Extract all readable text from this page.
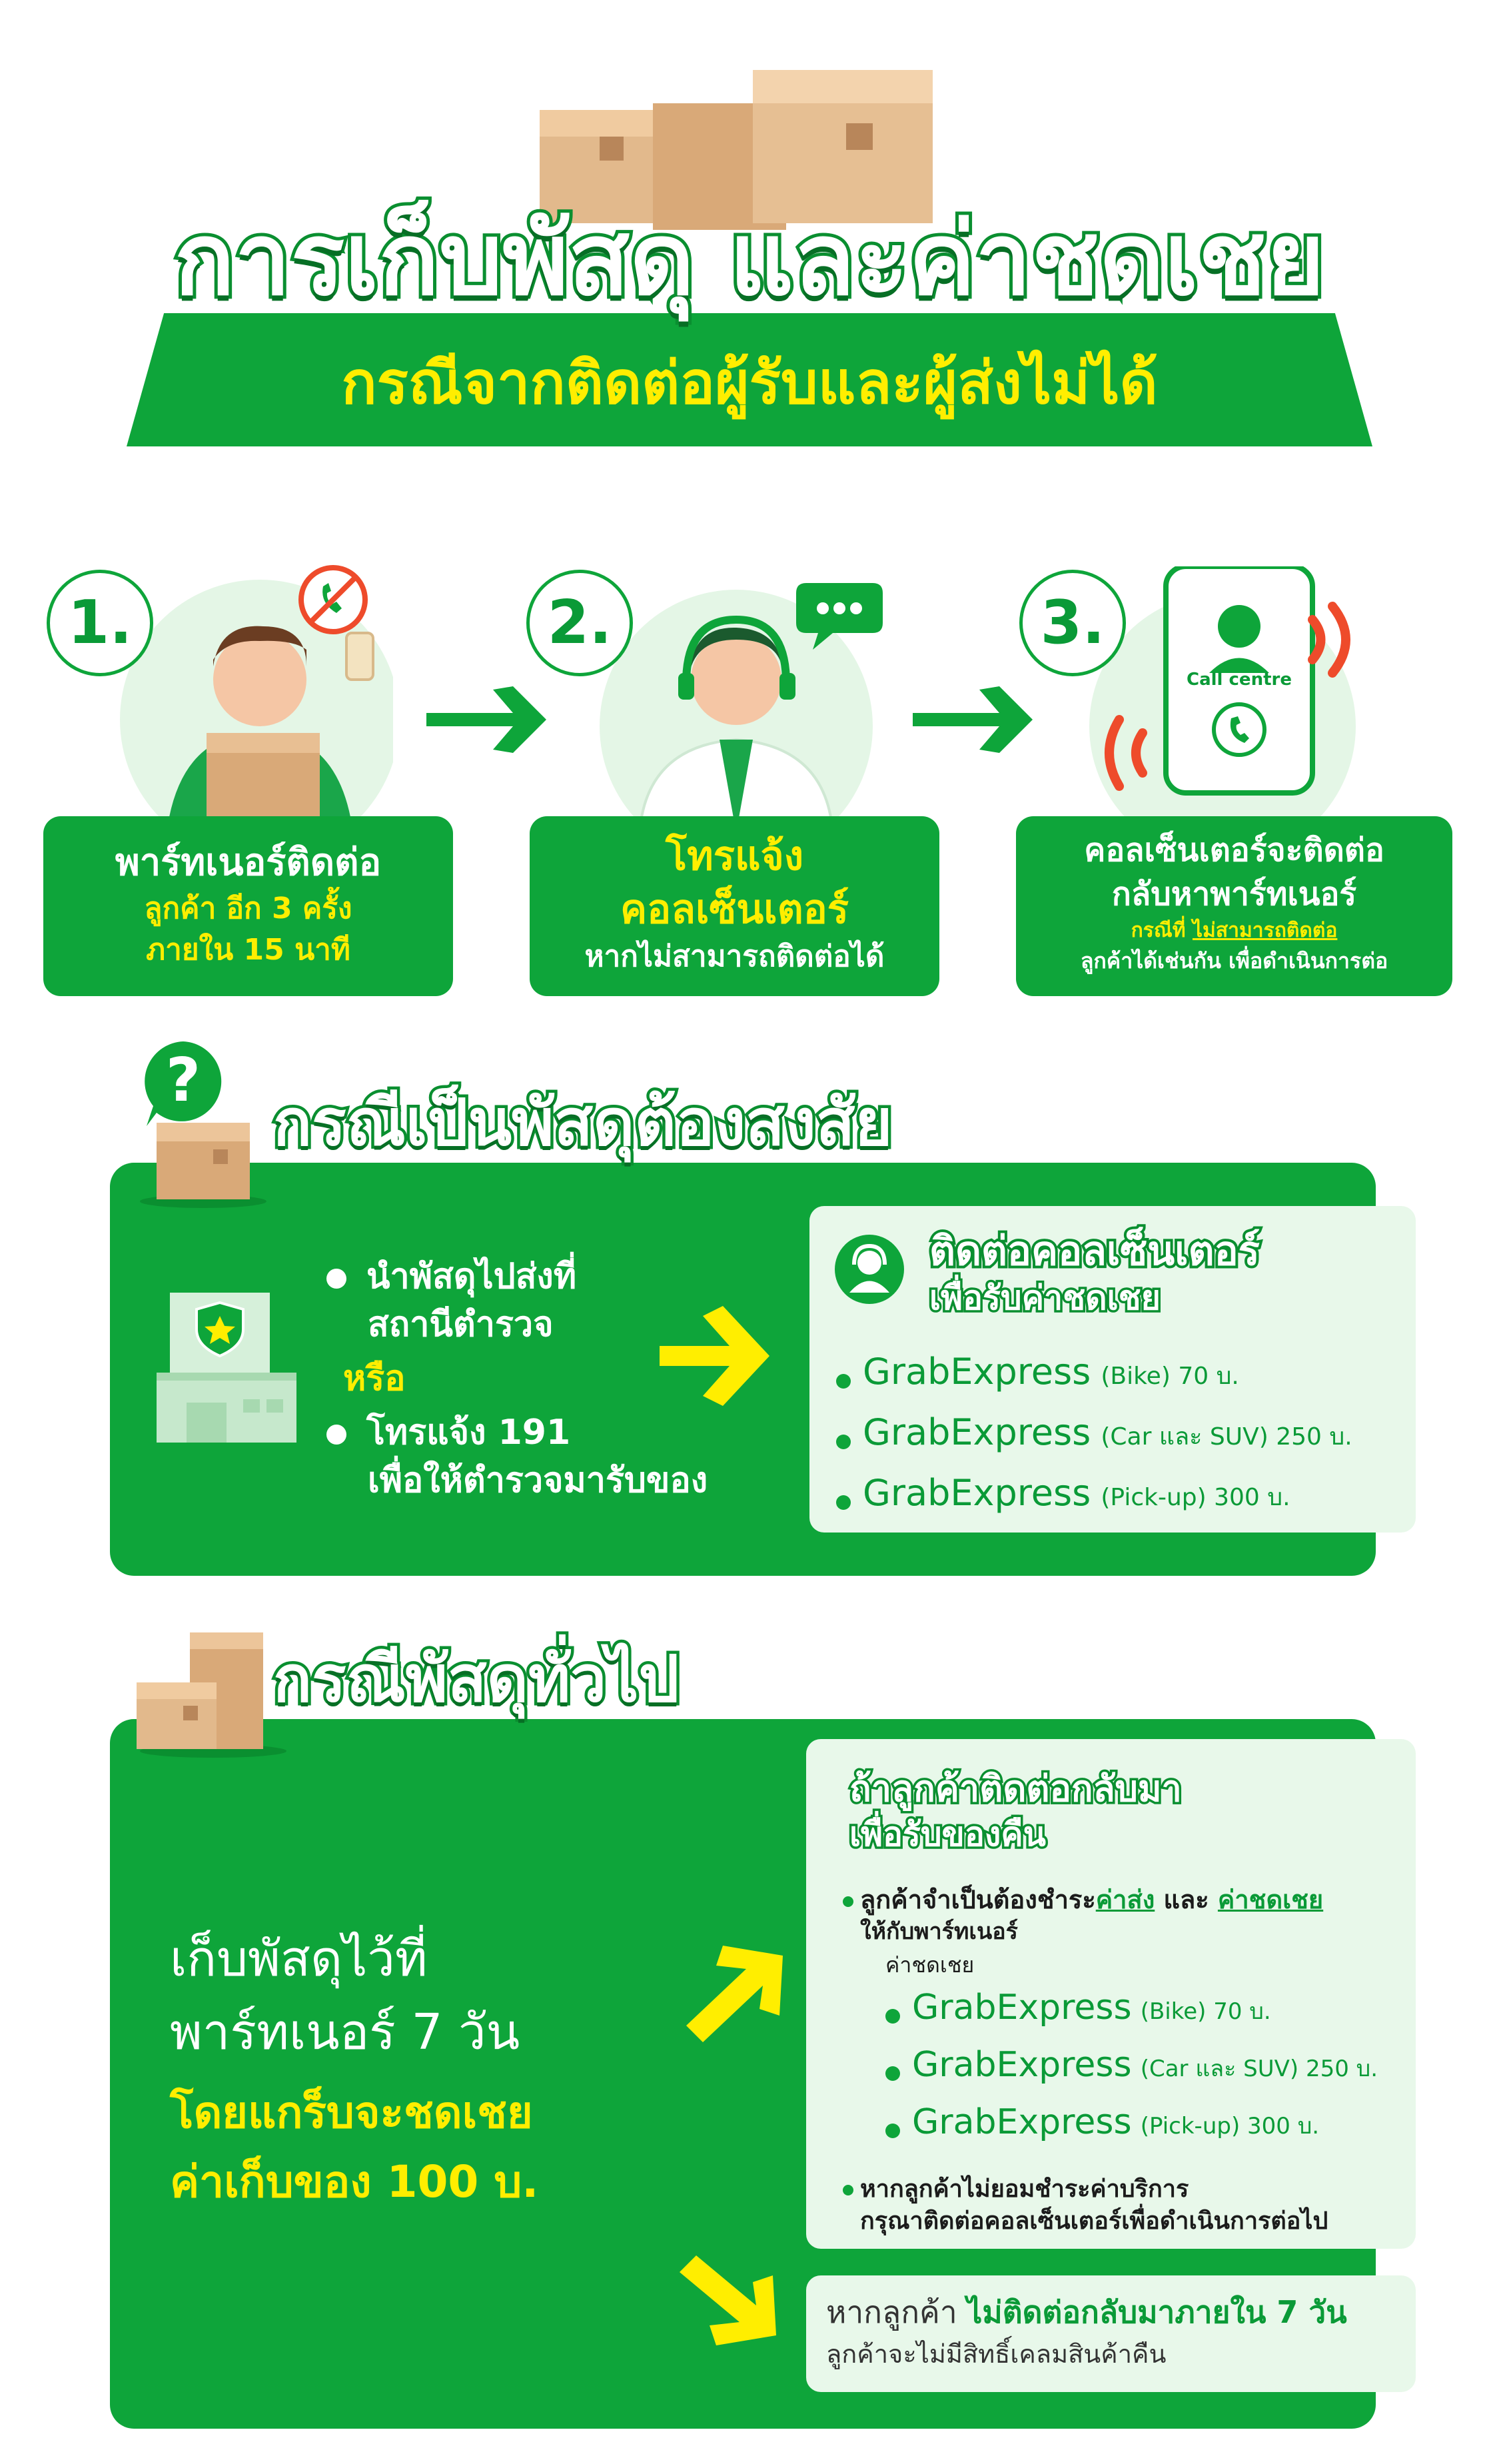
การเก็บพัสดุ และค่าชดเชย
กรณีจากติดต่อผู้รับและผู้ส่งไม่ได้
1.	2.
Call centre
3.
พาร์ทเนอร์ติดต่อ
ลูกค้า อีก 3 ครั้ง
ภายใน 15 นาที
โทรแจ้ง
คอลเซ็นเตอร์
หากไม่สามารถติดต่อได้
คอลเซ็นเตอร์จะติดต่อ
กลับหาพาร์ทเนอร์
กรณีที่ ไม่สามารถติดต่อ
ลูกค้าได้เช่นกัน เพื่อดำเนินการต่อ
?
กรณีเป็นพัสดุต้องสงสัย
นำพัสดุไปส่งที่
สถานีตำรวจ
หรือ
โทรแจ้ง 191
เพื่อให้ตำรวจมารับของ
ติดต่อคอลเซ็นเตอร์
เพื่อรับค่าชดเชย
GrabExpress (Bike) 70 บ.
GrabExpress (Car และ SUV) 250 บ.
GrabExpress (Pick-up) 300 บ.
กรณีพัสดุทั่วไป
เก็บพัสดุไว้ที่
พาร์ทเนอร์ 7 วัน
โดยแกร็บจะชดเชย
ค่าเก็บของ 100 บ.
ถ้าลูกค้าติดต่อกลับมา
เพื่อรับของคืน
ลูกค้าจำเป็นต้องชำระค่าส่ง และ ค่าชดเชย
ให้กับพาร์ทเนอร์
ค่าชดเชย
GrabExpress (Bike) 70 บ.
GrabExpress (Car และ SUV) 250 บ.
GrabExpress (Pick-up) 300 บ.
หากลูกค้าไม่ยอมชำระค่าบริการ
กรุณาติดต่อคอลเซ็นเตอร์เพื่อดำเนินการต่อไป
หากลูกค้า ไม่ติดต่อกลับมาภายใน 7 วัน
ลูกค้าจะไม่มีสิทธิ์เคลมสินค้าคืน
